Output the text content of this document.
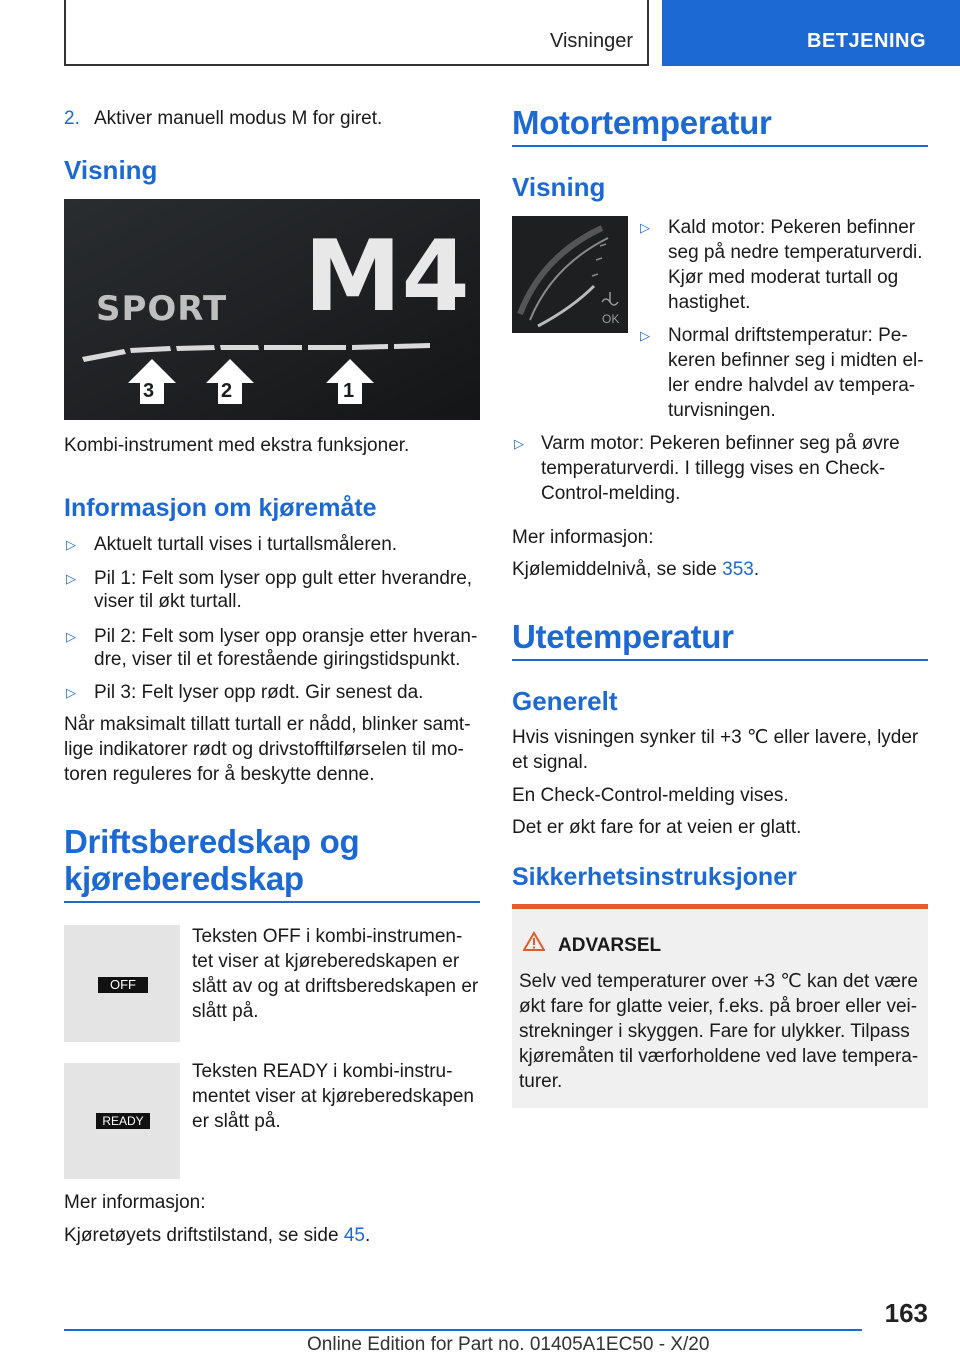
Visninger	BETJENING
2. Aktiver manuell modus M for giret.
Visning
SPORT M4
3	2	1
Kombi-instrument med ekstra funksjoner.
Informasjon om kjøremåte
▷ Aktuelt turtall vises i turtallsmåleren.
▷ Pil 1: Felt som lyser opp gult etter hverandre,
viser til økt turtall.
▷ Pil 2: Felt som lyser opp oransje etter hveran-
dre, viser til et forestående giringstidspunkt.
▷ Pil 3: Felt lyser opp rødt. Gir senest da.
Når maksimalt tillatt turtall er nådd, blinker samt-
lige indikatorer rødt og drivstofftilførselen til mo-
toren reguleres for å beskytte denne.
Driftsberedskap og
kjøreberedskap
OFF
Teksten OFF i kombi-instrumen-
tet viser at kjøreberedskapen er
slått av og at driftsberedskapen er
slått på.
READY
Teksten READY i kombi-instru-
mentet viser at kjøreberedskapen
er slått på.
Mer informasjon:
Kjøretøyets driftstilstand, se side 45.
Motortemperatur
Visning
OK
▷ Kald motor: Pekeren befinner
seg på nedre temperaturverdi.
Kjør med moderat turtall og
hastighet.
▷ Normal driftstemperatur: Pe-
keren befinner seg i midten el-
ler endre halvdel av tempera-
turvisningen.
▷ Varm motor: Pekeren befinner seg på øvre
temperaturverdi. I tillegg vises en Check-
Control-melding.
Mer informasjon:
Kjølemiddelnivå, se side 353.
Utetemperatur
Generelt
Hvis visningen synker til +3 ℃ eller lavere, lyder
et signal.
En Check-Control-melding vises.
Det er økt fare for at veien er glatt.
Sikkerhetsinstruksjoner
ADVARSEL
Selv ved temperaturer over +3 ℃ kan det være
økt fare for glatte veier, f.eks. på broer eller vei-
strekninger i skyggen. Fare for ulykker. Tilpass
kjøremåten til værforholdene ved lave tempera-
turer.
163
Online Edition for Part no. 01405A1EC50 - X/20
